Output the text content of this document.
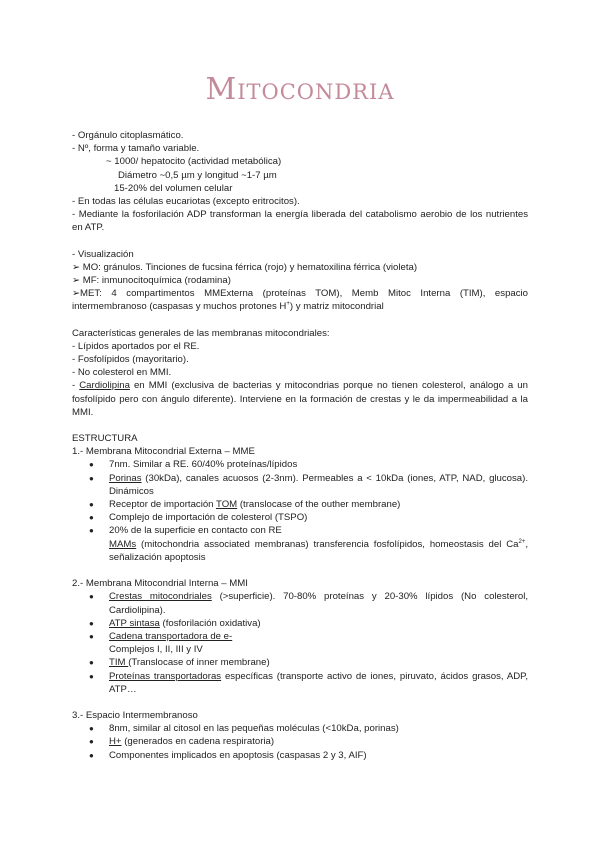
Mitocondria

- Orgánulo citoplasmático.

- Nº, forma y tamaño variable.

~ 1000/ hepatocito (actividad metabólica)

Diámetro ~0,5 µm y longitud ~1-7 µm

15-20% del volumen celular

- En todas las células eucariotas (excepto eritrocitos).

- Mediante la fosforilación ADP transforman la energía liberada del catabolismo aerobio de los nutrientes en ATP.

- Visualización

➢ MO: gránulos. Tinciones de fucsina férrica (rojo) y hematoxilina férrica (violeta)

➢ MF: inmunocitoquímica (rodamina)

➢MET: 4 compartimentos MMExterna (proteínas TOM), Memb Mitoc Interna (TIM), espacio intermembranoso (caspasas y muchos protones H+) y matriz mitocondrial

Características generales de las membranas mitocondriales:

- Lípidos aportados por el RE.

- Fosfolípidos (mayoritario).

- No colesterol en MMI.

- Cardiolipina en MMI (exclusiva de bacterias y mitocondrias porque no tienen colesterol, análogo a un fosfolípido pero con ángulo diferente). Interviene en la formación de crestas y le da impermeabilidad a la MMI.

ESTRUCTURA

1.- Membrana Mitocondrial Externa – MME

● 7nm. Similar a RE. 60/40% proteínas/lípidos
● Porinas (30kDa), canales acuosos (2-3nm). Permeables a < 10kDa (iones, ATP, NAD, glucosa). Dinámicos
● Receptor de importación TOM (translocase of the outher membrane)
● Complejo de importación de colesterol (TSPO)
● 20% de la superficie en contacto con RE
MAMs (mitochondria associated membranas) transferencia fosfolípidos, homeostasis del $Ca^{2+}$, señalización apoptosis

2.- Membrana Mitocondrial Interna – MMI

● Crestas mitocondriales (>superficie). 70-80% proteínas y 20-30% lípidos (No colesterol, Cardiolipina).
● ATP sintasa (fosforilación oxidativa)
● Cadena transportadora de e-
Complejos I, II, III y IV
● TIM (Translocase of inner membrane)
● Proteínas transportadoras específicas (transporte activo de iones, piruvato, ácidos grasos, ADP, ATP…

3.- Espacio Intermembranoso

● 8nm, similar al citosol en las pequeñas moléculas (<10kDa, porinas)
● H+ (generados en cadena respiratoria)
● Componentes implicados en apoptosis (caspasas 2 y 3, AIF)
